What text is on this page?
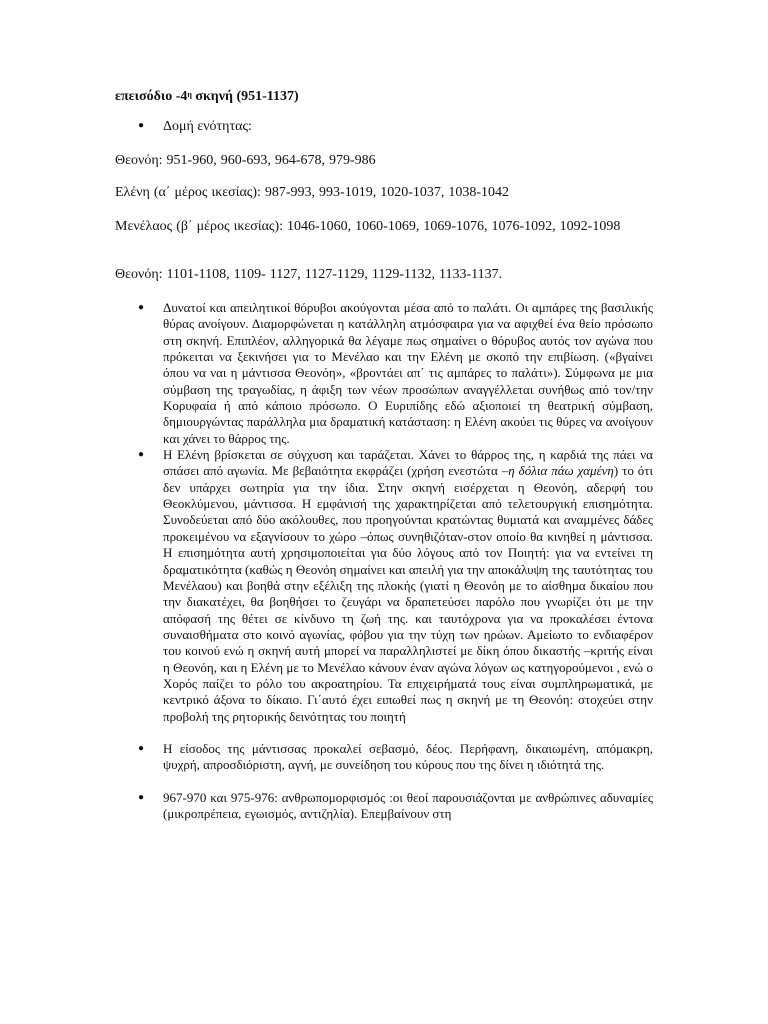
επεισόδιο $-4^\eta$ σκηνή (951-1137)
● Δομή ενότητας:
Θεονόη: 951-960, 960-693, 964-678, 979-986
Ελένη (α΄ μέρος ικεσίας): 987-993, 993-1019, 1020-1037, 1038-1042
Μενέλαος (β΄ μέρος ικεσίας): 1046-1060, 1060-1069, 1069-1076, 1076-1092, 1092-1098
Θεονόη: 1101-1108, 1109- 1127, 1127-1129, 1129-1132, 1133-1137.
● Δυνατοί και απειλητικοί θόρυβοι ακούγονται μέσα από το παλάτι. Οι αμπάρες της βασιλικής θύρας ανοίγουν. Διαμορφώνεται η κατάλληλη ατμόσφαιρα για να αφιχθεί ένα θείο πρόσωπο στη σκηνή. Επιπλέον, αλληγορικά θα λέγαμε πως σημαίνει ο θόρυβος αυτός τον αγώνα που πρόκειται να ξεκινήσει για το Μενέλαο και την Ελένη με σκοπό την επιβίωση. («βγαίνει όπου να ναι η μάντισσα Θεονόη», «βροντάει απ΄ τις αμπάρες το παλάτι»). Σύμφωνα με μια σύμβαση της τραγωδίας, η άφιξη των νέων προσώπων αναγγέλλεται συνήθως από τον/την Κορυφαία ή από κάποιο πρόσωπο. Ο Ευριπίδης εδώ αξιοποιεί τη θεατρική σύμβαση, δημιουργώντας παράλληλα μια δραματική κατάσταση: η Ελένη ακούει τις θύρες να ανοίγουν και χάνει το θάρρος της.
● Η Ελένη βρίσκεται σε σύγχυση και ταράζεται. Χάνει το θάρρος της, η καρδιά της πάει να σπάσει από αγωνία. Με βεβαιότητα εκφράζει (χρήση ενεστώτα –η δόλια πάω χαμένη) το ότι δεν υπάρχει σωτηρία για την ίδια. Στην σκηνή εισέρχεται η Θεονόη, αδερφή του Θεοκλύμενου, μάντισσα. Η εμφάνισή της χαρακτηρίζεται από τελετουργική επισημότητα. Συνοδεύεται από δύο ακόλουθες, που προηγούνται κρατώντας θυμιατά και αναμμένες δάδες προκειμένου να εξαγνίσουν το χώρο –όπως συνηθιζόταν-στον οποίο θα κινηθεί η μάντισσα. Η επισημότητα αυτή χρησιμοποιείται για δύο λόγους από τον Ποιητή: για να εντείνει τη δραματικότητα (καθώς η Θεονόη σημαίνει και απειλή για την αποκάλυψη της ταυτότητας του Μενέλαου) και βοηθά στην εξέλιξη της πλοκής (γιατί η Θεονόη με το αίσθημα δικαίου που την διακατέχει, θα βοηθήσει το ζευγάρι να δραπετεύσει παρόλο που γνωρίζει ότι με την απόφασή της θέτει σε κίνδυνο τη ζωή της. και ταυτόχρονα για να προκαλέσει έντονα συναισθήματα στο κοινό αγωνίας, φόβου για την τύχη των ηρώων. Αμείωτο το ενδιαφέρον του κοινού ενώ η σκηνή αυτή μπορεί να παραλληλιστεί με δίκη όπου δικαστής –κριτής είναι η Θεονόη, και η Ελένη με το Μενέλαο κάνουν έναν αγώνα λόγων ως κατηγορούμενοι , ενώ ο Χορός παίζει το ρόλο του ακροατηρίου. Τα επιχειρήματά τους είναι συμπληρωματικά, με κεντρικό άξονα το δίκαιο. Γι΄αυτό έχει ειπωθεί πως η σκηνή με τη Θεονόη: στοχεύει στην προβολή της ρητορικής δεινότητας του ποιητή
● Η είσοδος της μάντισσας προκαλεί σεβασμό, δέος. Περήφανη, δικαιωμένη, απόμακρη, ψυχρή, απροσδιόριστη, αγνή, με συνείδηση του κύρους που της δίνει η ιδιότητά της.
● 967-970 και 975-976: ανθρωπομορφισμός :οι θεοί παρουσιάζονται με ανθρώπινες αδυναμίες (μικροπρέπεια, εγωισμός, αντιζηλία). Επεμβαίνουν στη
